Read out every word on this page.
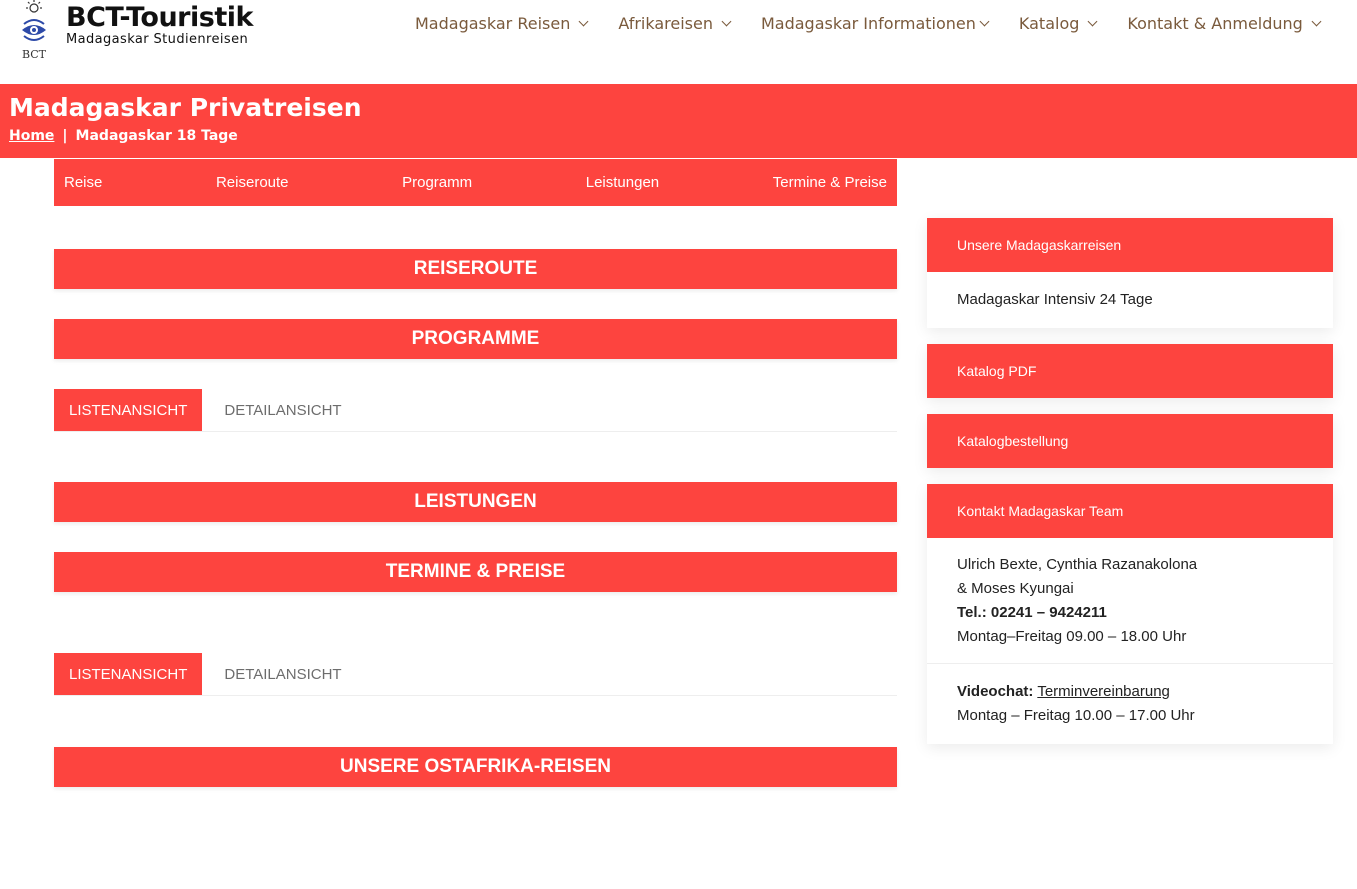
BCT
BCT-Touristik
Madagaskar Studienreisen
Madagaskar Reisen	Afrikareisen	Madagaskar Informationen	Katalog	Kontakt & Anmeldung
Madagaskar Privatreisen
Home | Madagaskar 18 Tage
Reise	Reiseroute	Programm	Leistungen	Termine & Preise
REISEROUTE
PROGRAMME
LISTENANSICHT	DETAILANSICHT
LEISTUNGEN
TERMINE & PREISE
LISTENANSICHT	DETAILANSICHT
UNSERE OSTAFRIKA-REISEN
Unsere Madagaskarreisen
Madagaskar Intensiv 24 Tage
Katalog PDF
Katalogbestellung
Kontakt Madagaskar Team
Ulrich Bexte, Cynthia Razanakolona
& Moses Kyungai
Tel.: 02241 – 9424211
Montag–Freitag 09.00 – 18.00 Uhr
Videochat: Terminvereinbarung
Montag – Freitag 10.00 – 17.00 Uhr
